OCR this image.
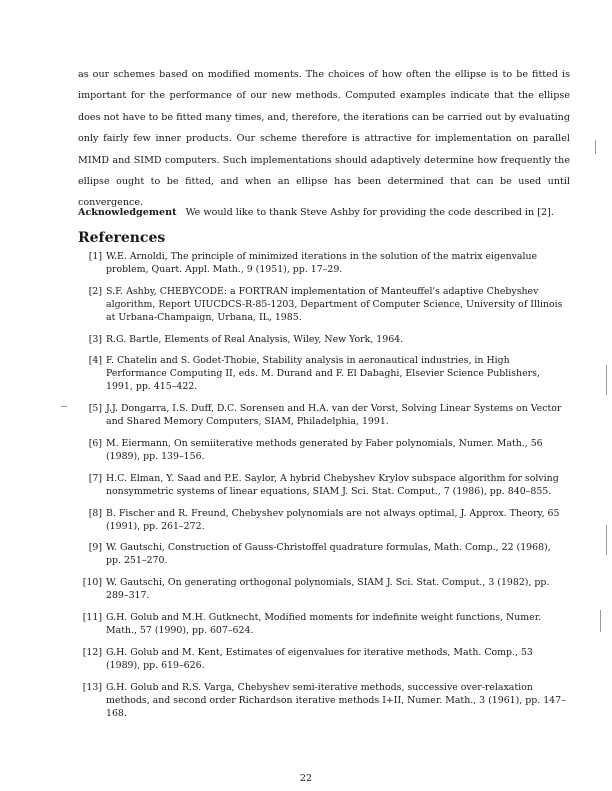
as our schemes based on modified moments. The choices of how often the ellipse is to be fitted is important for the performance of our new methods. Computed examples indicate that the ellipse does not have to be fitted many times, and, therefore, the iterations can be carried out by evaluating only fairly few inner products. Our scheme therefore is attractive for implementation on parallel MIMD and SIMD computers. Such implementations should adaptively determine how frequently the ellipse ought to be fitted, and when an ellipse has been determined that can be used until convergence.

Acknowledgement We would like to thank Steve Ashby for providing the code described in [2].

References
[1] W.E. Arnoldi, The principle of minimized iterations in the solution of the matrix eigenvalue problem, Quart. Appl. Math., 9 (1951), pp. 17–29.
[2] S.F. Ashby, CHEBYCODE: a FORTRAN implementation of Manteuffel's adaptive Chebyshev algorithm, Report UIUCDCS-R-85-1203, Department of Computer Science, University of Illinois at Urbana-Champaign, Urbana, IL, 1985.
[3] R.G. Bartle, Elements of Real Analysis, Wiley, New York, 1964.
[4] F. Chatelin and S. Godet-Thobie, Stability analysis in aeronautical industries, in High Performance Computing II, eds. M. Durand and F. El Dabaghi, Elsevier Science Publishers, 1991, pp. 415–422.
[5] J.J. Dongarra, I.S. Duff, D.C. Sorensen and H.A. van der Vorst, Solving Linear Systems on Vector and Shared Memory Computers, SIAM, Philadelphia, 1991.
[6] M. Eiermann, On semiiterative methods generated by Faber polynomials, Numer. Math., 56 (1989), pp. 139–156.
[7] H.C. Elman, Y. Saad and P.E. Saylor, A hybrid Chebyshev Krylov subspace algorithm for solving nonsymmetric systems of linear equations, SIAM J. Sci. Stat. Comput., 7 (1986), pp. 840–855.
[8] B. Fischer and R. Freund, Chebyshev polynomials are not always optimal, J. Approx. Theory, 65 (1991), pp. 261–272.
[9] W. Gautschi, Construction of Gauss-Christoffel quadrature formulas, Math. Comp., 22 (1968), pp. 251–270.
[10] W. Gautschi, On generating orthogonal polynomials, SIAM J. Sci. Stat. Comput., 3 (1982), pp. 289–317.
[11] G.H. Golub and M.H. Gutknecht, Modified moments for indefinite weight functions, Numer. Math., 57 (1990), pp. 607–624.
[12] G.H. Golub and M. Kent, Estimates of eigenvalues for iterative methods, Math. Comp., 53 (1989), pp. 619–626.
[13] G.H. Golub and R.S. Varga, Chebyshev semi-iterative methods, successive over-relaxation methods, and second order Richardson iterative methods I+II, Numer. Math., 3 (1961), pp. 147–168.
22
